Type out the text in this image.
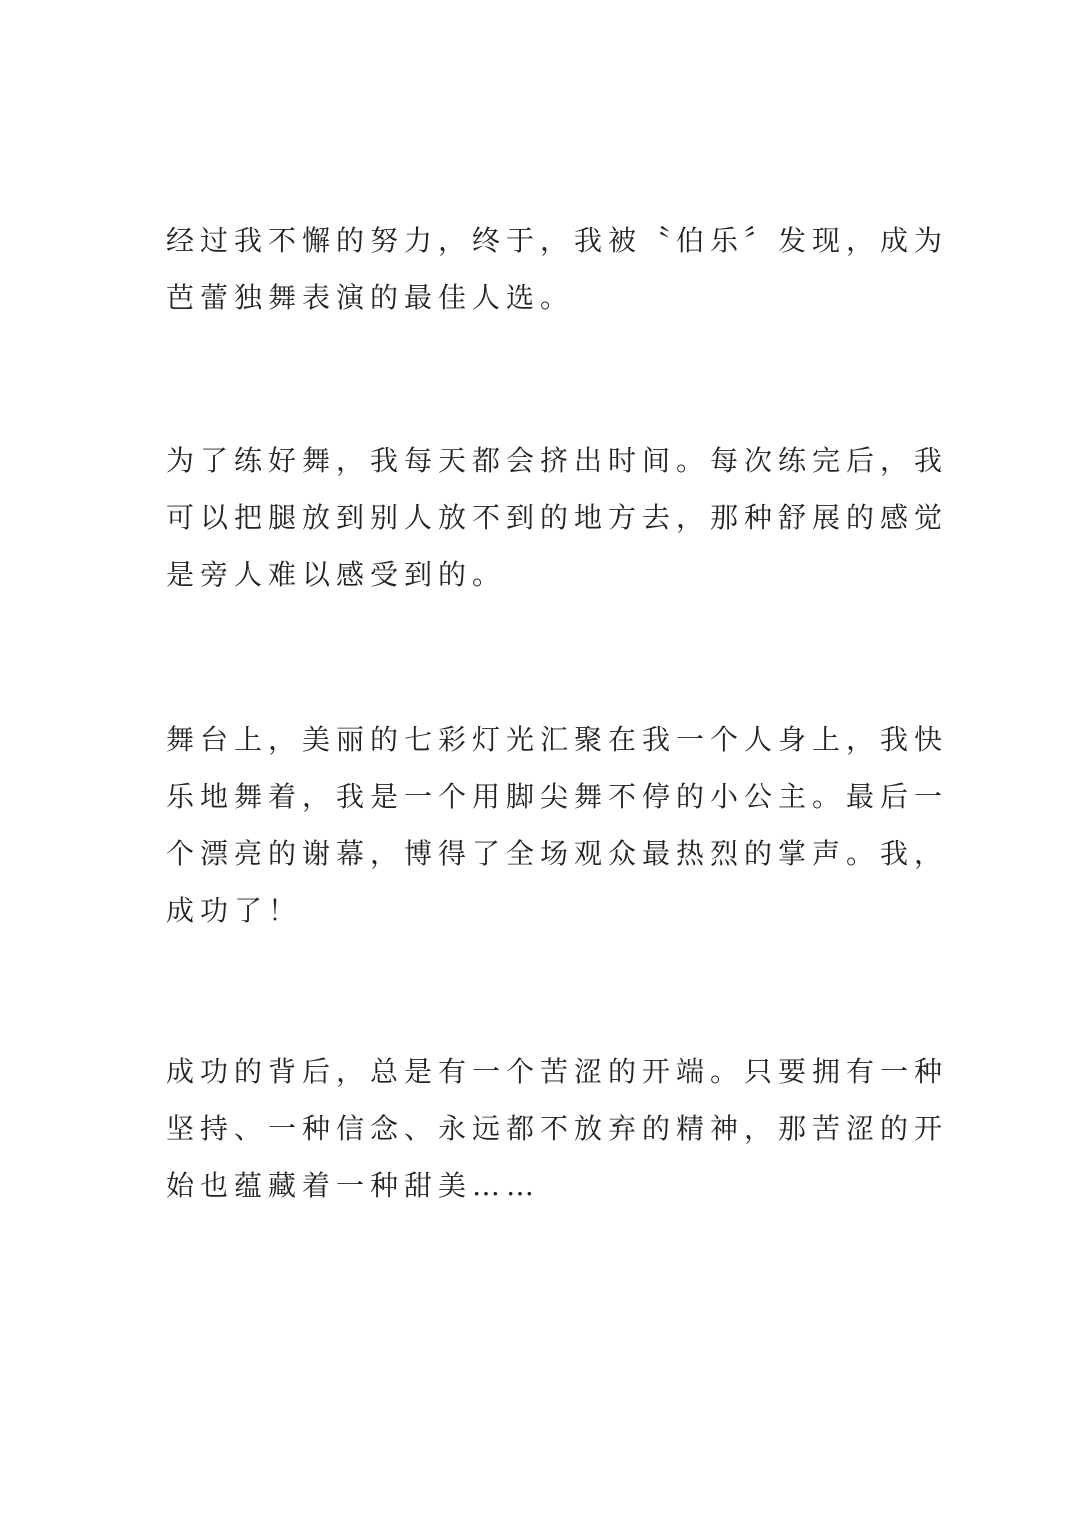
经过我不懈的努力，终于，我被〝伯乐〞发现，成为
芭蕾独舞表演的最佳人选。
为了练好舞，我每天都会挤出时间。每次练完后，我
可以把腿放到别人放不到的地方去，那种舒展的感觉
是旁人难以感受到的。
舞台上，美丽的七彩灯光汇聚在我一个人身上，我快
乐地舞着，我是一个用脚尖舞不停的小公主。最后一
个漂亮的谢幕，博得了全场观众最热烈的掌声。我，
成功了！
成功的背后，总是有一个苦涩的开端。只要拥有一种
坚持、一种信念、永远都不放弃的精神，那苦涩的开
始也蕴藏着一种甜美……
